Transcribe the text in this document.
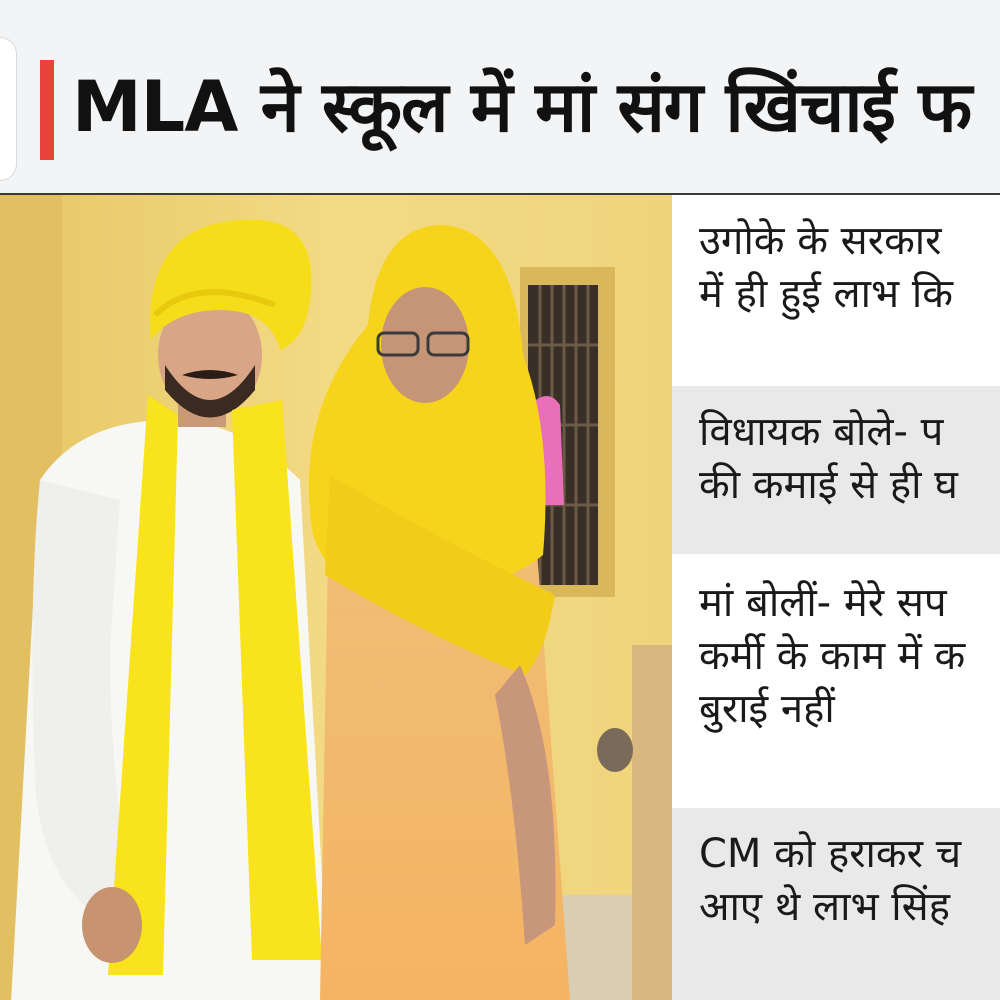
MLA ने स्कूल में मां संग खिंचाई फ
उगोके के सरकार
में ही हुई लाभ कि
विधायक बोले- प
की कमाई से ही घ
मां बोलीं- मेरे सप
कर्मी के काम में क
बुराई नहीं
CM को हराकर च
आए थे लाभ सिंह
